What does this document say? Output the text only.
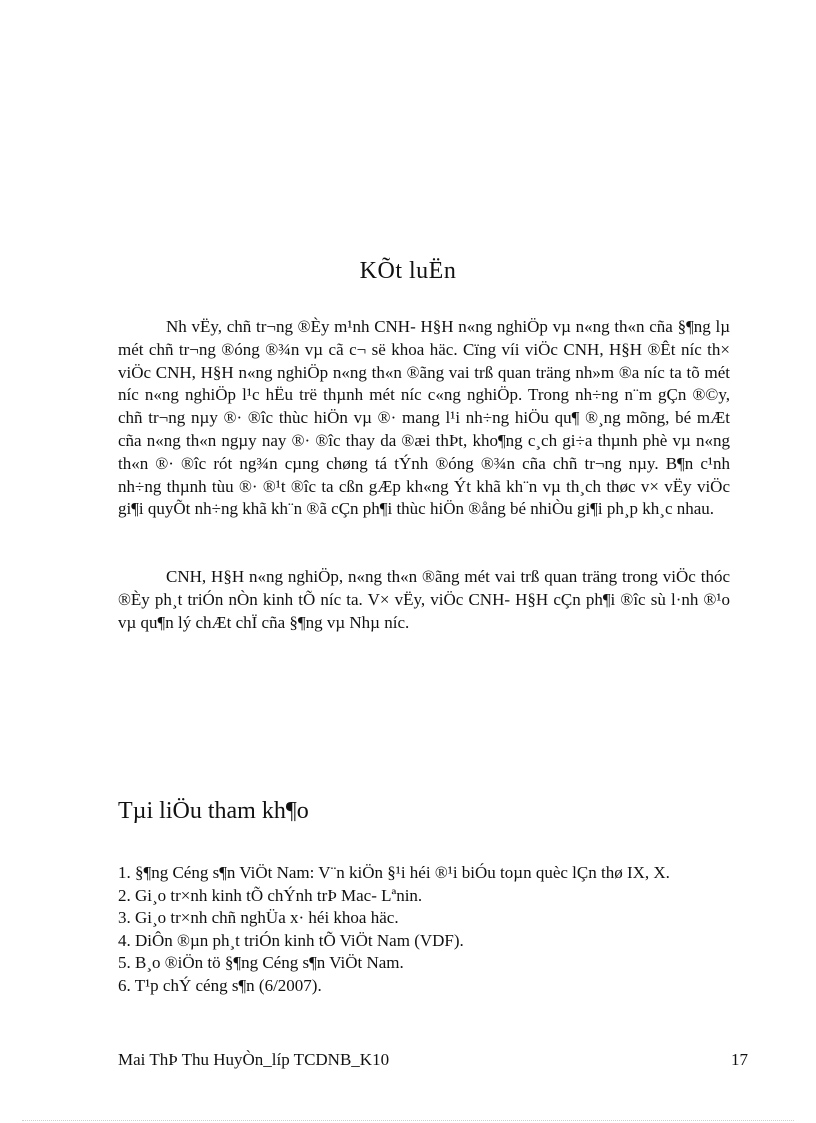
KÕt luËn

Nh vËy, chñ tr¬ng ®Èy m¹nh CNH- H§H n«ng nghiÖp vµ n«ng th«n cña §¶ng lµ mét chñ tr¬ng ®óng ®¾n vµ cã c¬ së khoa häc. Cïng víi viÖc CNH, H§H ®Êt níc th× viÖc CNH, H§H n«ng nghiÖp n«ng th«n ®ãng vai trß quan träng nh»m ®a níc ta tõ mét níc n«ng nghiÖp l¹c hËu trë thµnh mét níc c«ng nghiÖp. Trong nh÷ng n¨m gÇn ®©y, chñ tr¬ng nµy ®· ®îc thùc hiÖn vµ ®· mang l¹i nh÷ng hiÖu qu¶ ®¸ng mõng, bé mÆt cña n«ng th«n ngµy nay ®· ®îc thay da ®æi thÞt, kho¶ng c¸ch gi÷a thµnh phè vµ n«ng th«n ®· ®îc rót ng¾n cµng chøng tá tÝnh ®óng ®¾n cña chñ tr¬ng nµy. B¶n c¹nh nh÷ng thµnh tùu ®· ®¹t ®îc ta cßn gÆp kh«ng Ýt khã kh¨n vµ th¸ch thøc v× vËy viÖc gi¶i quyÕt nh÷ng khã kh¨n ®ã cÇn ph¶i thùc hiÖn ®ång bé nhiÒu gi¶i ph¸p kh¸c nhau.

CNH, H§H n«ng nghiÖp, n«ng th«n ®ãng mét vai trß quan träng trong viÖc thóc ®Èy ph¸t triÓn nÒn kinh tÕ níc ta. V× vËy, viÖc CNH- H§H cÇn ph¶i ®îc sù l·nh ®¹o vµ qu¶n lý chÆt chÏ cña §¶ng vµ Nhµ níc.

Tµi liÖu tham kh¶o
1. §¶ng Céng s¶n ViÖt Nam: V¨n kiÖn §¹i héi ®¹i biÓu toµn quèc lÇn thø IX, X.
2. Gi¸o tr×nh kinh tÕ chÝnh trÞ Mac- Lªnin.
3. Gi¸o tr×nh chñ nghÜa x· héi khoa häc.
4. DiÔn ®µn ph¸t triÓn kinh tÕ ViÖt Nam (VDF).
5. B¸o ®iÖn tö §¶ng Céng s¶n ViÖt Nam.
6. T¹p chÝ céng s¶n (6/2007).
Mai ThÞ Thu HuyÒn_líp TCDNB_K10	17
